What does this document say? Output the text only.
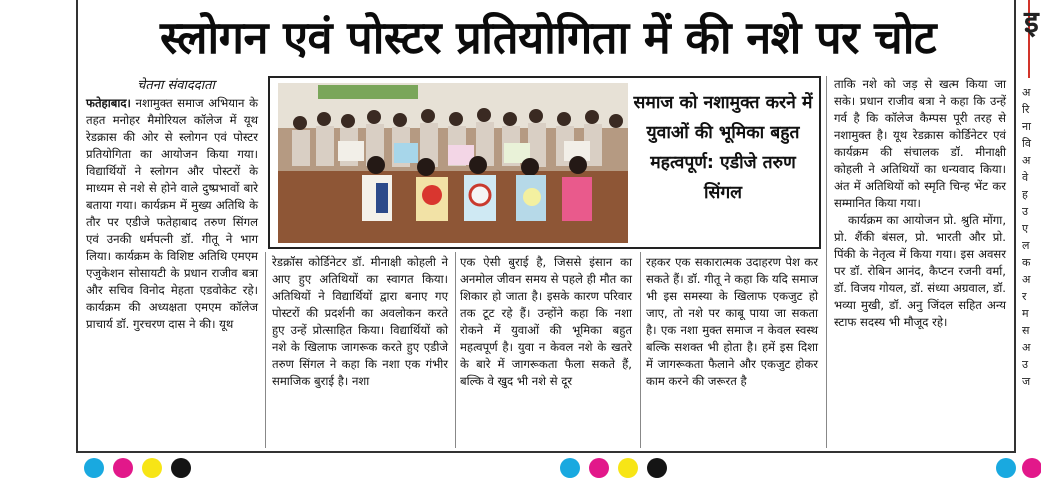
स्लोगन एवं पोस्टर प्रतियोगिता में की नशे पर चोट
चेतना संवाददाता

फतेहाबाद। नशामुक्त समाज अभियान के तहत मनोहर मैमोरियल कॉलेज में यूथ रेडक्रास की ओर से स्लोगन एवं पोस्टर प्रतियोगिता का आयोजन किया गया। विद्यार्थियों ने स्लोगन और पोस्टरों के माध्यम से नशे से होने वाले दुष्प्रभावों बारे बताया गया। कार्यक्रम में मुख्य अतिथि के तौर पर एडीजे फतेहाबाद तरुण सिंगल एवं उनकी धर्मपत्नी डॉ. गीतू ने भाग लिया। कार्यक्रम के विशिष्ट अतिथि एमएम एजुकेशन सोसायटी के प्रधान राजीव बत्रा और सचिव विनोद मेहता एडवोकेट रहे। कार्यक्रम की अध्यक्षता एमएम कॉलेज प्राचार्य डॉ. गुरचरण दास ने की। यूथ

समाज को नशामुक्त करने में युवाओं की भूमिका बहुत महत्वपूर्ण: एडीजे तरुण सिंगल

रेडक्रॉस कोर्डिनेटर डॉ. मीनाक्षी कोहली ने आए हुए अतिथियों का स्वागत किया। अतिथियों ने विद्यार्थियों द्वारा बनाए गए पोस्टरों की प्रदर्शनी का अवलोकन करते हुए उन्हें प्रोत्साहित किया। विद्यार्थियों को नशे के खिलाफ जागरूक करते हुए एडीजे तरुण सिंगल ने कहा कि नशा एक गंभीर समाजिक बुराई है। नशा

एक ऐसी बुराई है, जिससे इंसान का अनमोल जीवन समय से पहले ही मौत का शिकार हो जाता है। इसके कारण परिवार तक टूट रहे हैं। उन्होंने कहा कि नशा रोकने में युवाओं की भूमिका बहुत महत्वपूर्ण है। युवा न केवल नशे के खतरे के बारे में जागरूकता फैला सकते हैं, बल्कि वे खुद भी नशे से दूर

रहकर एक सकारात्मक उदाहरण पेश कर सकते हैं। डॉ. गीतू ने कहा कि यदि समाज भी इस समस्या के खिलाफ एकजुट हो जाए, तो नशे पर काबू पाया जा सकता है। एक नशा मुक्त समाज न केवल स्वस्थ बल्कि सशक्त भी होता है। हमें इस दिशा में जागरूकता फैलाने और एकजुट होकर काम करने की जरूरत है

ताकि नशे को जड़ से खत्म किया जा सके। प्रधान राजीव बत्रा ने कहा कि उन्हें गर्व है कि कॉलेज कैम्पस पूरी तरह से नशामुक्त है। यूथ रेडक्रास कोर्डिनेटर एवं कार्यक्रम की संचालक डॉ. मीनाक्षी कोहली ने अतिथियों का धन्यवाद किया। अंत में अतिथियों को स्मृति चिन्ह भेंट कर सम्मानित किया गया।

कार्यक्रम का आयोजन प्रो. श्रुति मोंगा, प्रो. शैंकी बंसल, प्रो. भारती और प्रो. पिंकी के नेतृत्व में किया गया। इस अवसर पर डॉ. रोबिन आनंद, कैप्टन रजनी वर्मा, डॉ. विजय गोयल, डॉ. संध्या अग्रवाल, डॉ. भव्या मुखी, डॉ. अनु जिंदल सहित अन्य स्टाफ सदस्य भी मौजूद रहे।

इ
अ
रि
ना
वि
अ
वे
ह
उ
ए
ल
क
अ
र
म
स
अ
उ
ज
